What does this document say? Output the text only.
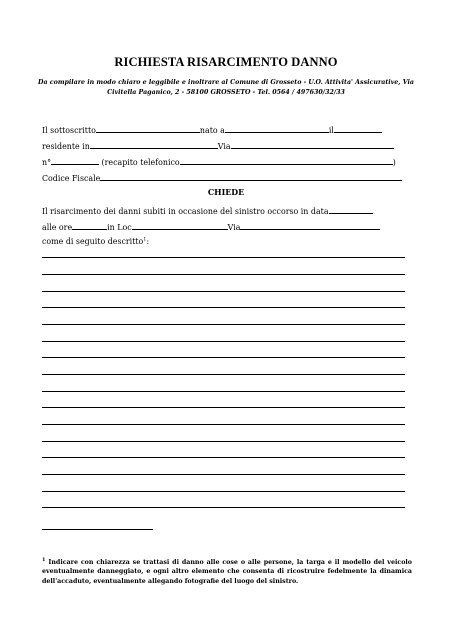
RICHIESTA RISARCIMENTO DANNO
Da compilare in modo chiaro e leggibile e inoltrare al Comune di Grosseto - U.O. Attivita' Assicurative, Via Civitella Paganico, 2 - 58100 GROSSETO - Tel. 0564 / 497630/32/33
Il sottoscritto	nato a	il
residente in	Via
n°	(recapito telefonico	)
Codice Fiscale
CHIEDE
Il risarcimento dei danni subiti in occasione del sinistro occorso in data
alle ore	in Loc	Via
come di seguito descritto$^1$:
$^1$ Indicare con chiarezza se trattasi di danno alle cose o alle persone, la targa e il modello del veicolo eventualmente danneggiato, e ogni altro elemento che consenta di ricostruire fedelmente la dinamica dell'accaduto, eventualmente allegando fotografie del luogo del sinistro.
